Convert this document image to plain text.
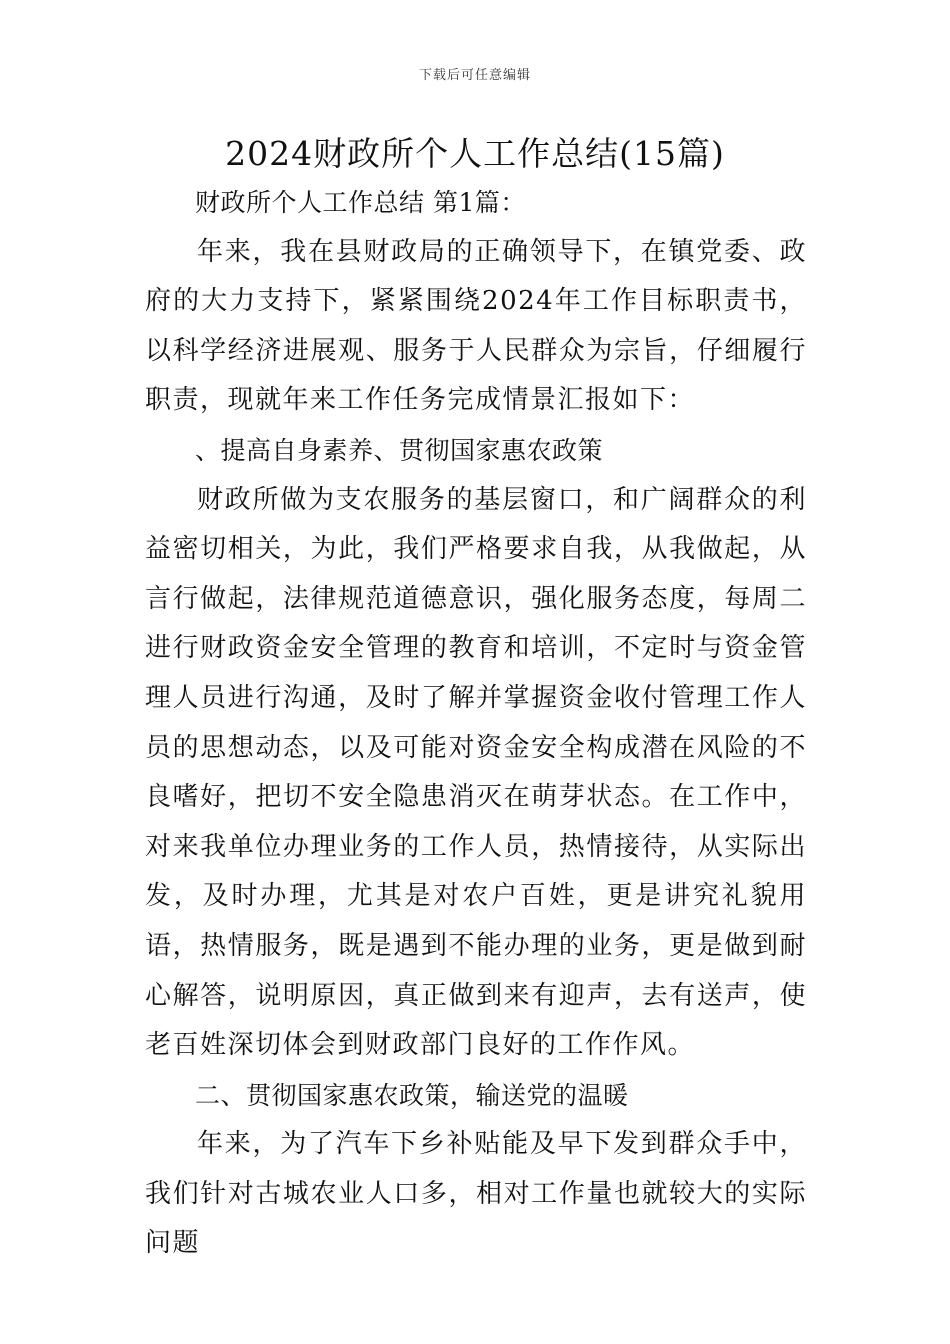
下载后可任意编辑
2024财政所个人工作总结(15篇)

财政所个人工作总结 第1篇：

年来，我在县财政局的正确领导下，在镇党委、政府的大力支持下，紧紧围绕2024年工作目标职责书，以科学经济进展观、服务于人民群众为宗旨，仔细履行职责，现就年来工作任务完成情景汇报如下：

、提高自身素养、贯彻国家惠农政策

财政所做为支农服务的基层窗口，和广阔群众的利益密切相关，为此，我们严格要求自我，从我做起，从言行做起，法律规范道德意识，强化服务态度，每周二进行财政资金安全管理的教育和培训，不定时与资金管理人员进行沟通，及时了解并掌握资金收付管理工作人员的思想动态，以及可能对资金安全构成潜在风险的不良嗜好，把切不安全隐患消灭在萌芽状态。在工作中，对来我单位办理业务的工作人员，热情接待，从实际出发，及时办理，尤其是对农户百姓，更是讲究礼貌用语，热情服务，既是遇到不能办理的业务，更是做到耐心解答，说明原因，真正做到来有迎声，去有送声，使老百姓深切体会到财政部门良好的工作作风。

二、贯彻国家惠农政策，输送党的温暖

年来，为了汽车下乡补贴能及早下发到群众手中，我们针对古城农业人口多，相对工作量也就较大的实际问题
